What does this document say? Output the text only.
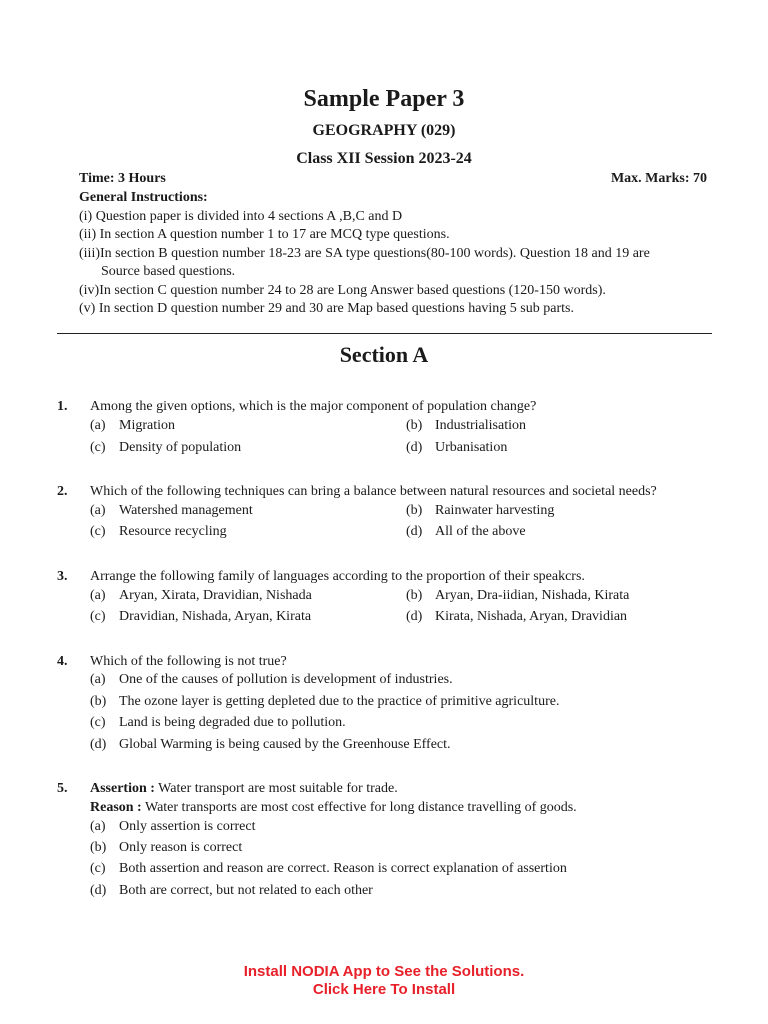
Sample Paper 3
GEOGRAPHY (029)
Class XII Session 2023-24
Time: 3 Hours	Max. Marks: 70
General Instructions:
(i) Question paper is divided into 4 sections A ,B,C and D
(ii) In section A question number 1 to 17 are MCQ type questions.
(iii)In section B question number 18-23 are SA type questions(80-100 words). Question 18 and 19 are
Source based questions.
(iv)In section C question number 24 to 28 are Long Answer based questions (120-150 words).
(v) In section D question number 29 and 30 are Map based questions having 5 sub parts.
Section A
1. Among the given options, which is the major component of population change?
(a) Migration	(b) Industrialisation
(c) Density of population	(d) Urbanisation
2. Which of the following techniques can bring a balance between natural resources and societal needs?
(a) Watershed management	(b) Rainwater harvesting
(c) Resource recycling	(d) All of the above
3. Arrange the following family of languages according to the proportion of their speakcrs.
(a) Aryan, Xirata, Dravidian, Nishada	(b) Aryan, Dra-iidian, Nishada, Kirata
(c) Dravidian, Nishada, Aryan, Kirata	(d) Kirata, Nishada, Aryan, Dravidian
4. Which of the following is not true?
(a) One of the causes of pollution is development of industries.
(b) The ozone layer is getting depleted due to the practice of primitive agriculture.
(c) Land is being degraded due to pollution.
(d) Global Warming is being caused by the Greenhouse Effect.
5. Assertion : Water transport are most suitable for trade.
Reason : Water transports are most cost effective for long distance travelling of goods.
(a) Only assertion is correct
(b) Only reason is correct
(c) Both assertion and reason are correct. Reason is correct explanation of assertion
(d) Both are correct, but not related to each other
Install NODIA App to See the Solutions.
Click Here To Install
